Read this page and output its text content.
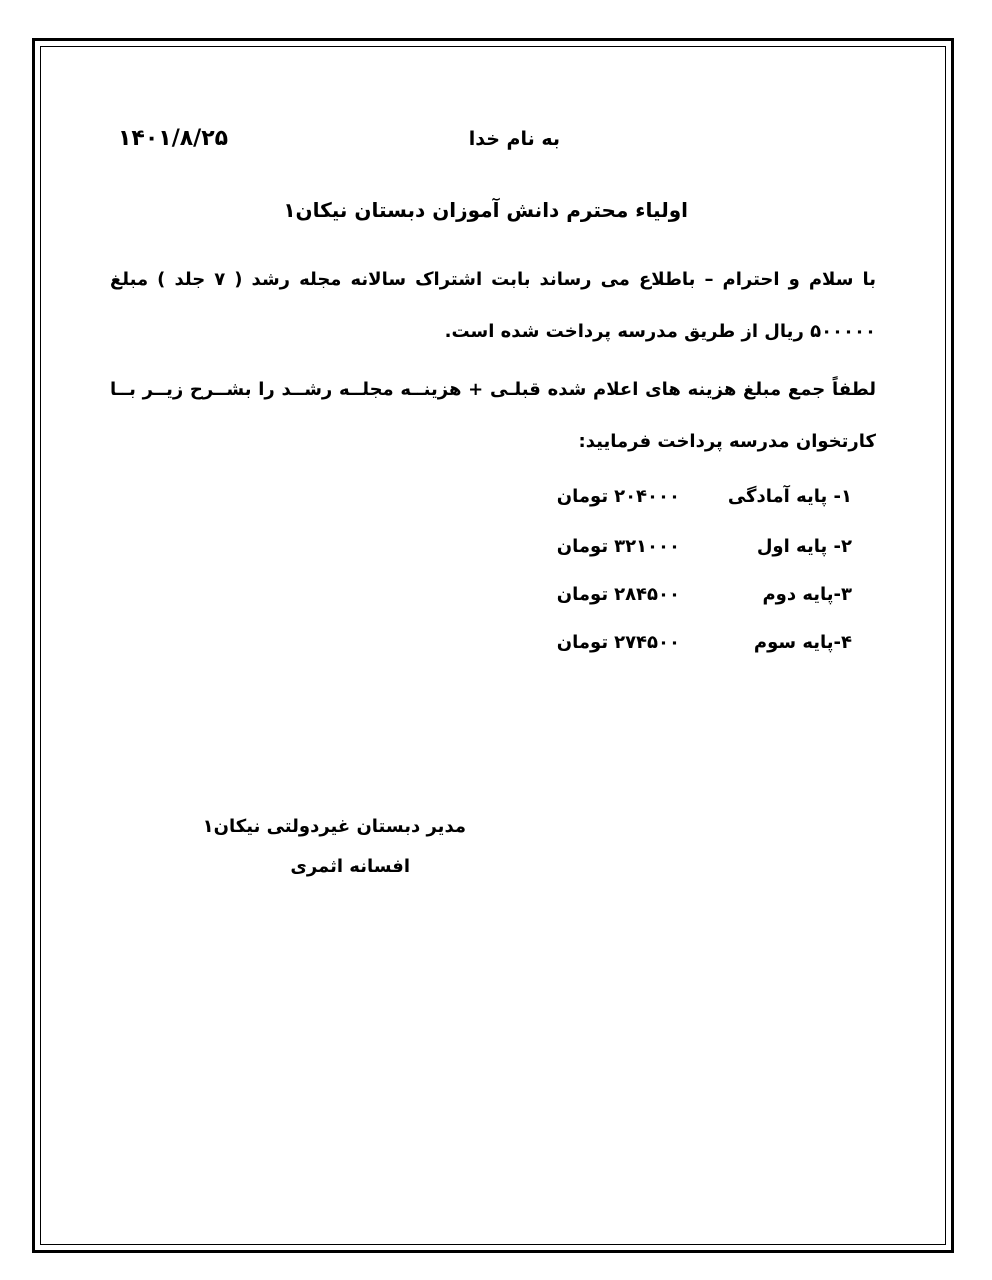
۱۴۰۱/۸/۲۵	به نام خدا
اولیاء محترم دانش آموزان دبستان نیکان۱
با سلام و احترام – باطلاع می رساند بابت اشتراک سالانه مجله رشد ( ۷ جلد ) مبلغ ۵۰۰۰۰۰ ریال از طریق مدرسه پرداخت شده است.
لطفاً جمع مبلغ هزینه های اعلام شده قبلـی + هزینــه مجلــه رشــد را بشــرح زیــر بــا کارتخوان مدرسه پرداخت فرمایید:
۱- پایه آمادگی
۲۰۴۰۰۰تومان
۲- پایه اول
۳۲۱۰۰۰تومان
۳-پایه دوم
۲۸۴۵۰۰تومان
۴-پایه سوم
۲۷۴۵۰۰تومان
مدیر دبستان غیردولتی نیکان۱
افسانه اثمری
